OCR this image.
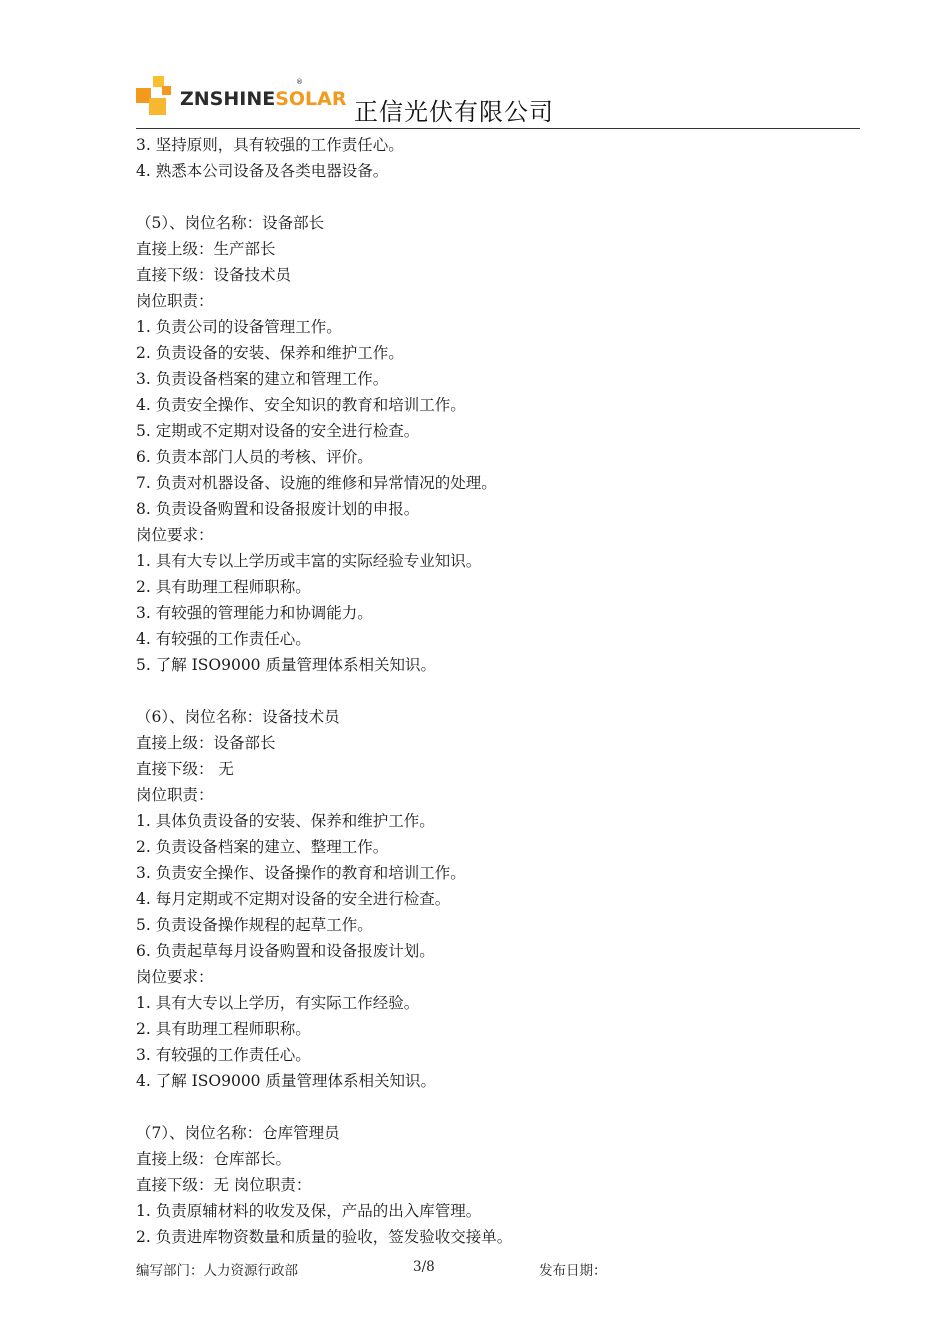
ZNSHINESOLAR
®
正信光伏有限公司
3. 坚持原则，具有较强的工作责任心。
4. 熟悉本公司设备及各类电器设备。
（5）、岗位名称：设备部长
直接上级：生产部长
直接下级：设备技术员
岗位职责：
1. 负责公司的设备管理工作。
2. 负责设备的安装、保养和维护工作。
3. 负责设备档案的建立和管理工作。
4. 负责安全操作、安全知识的教育和培训工作。
5. 定期或不定期对设备的安全进行检查。
6. 负责本部门人员的考核、评价。
7. 负责对机器设备、设施的维修和异常情况的处理。
8. 负责设备购置和设备报废计划的申报。
岗位要求：
1. 具有大专以上学历或丰富的实际经验专业知识。
2. 具有助理工程师职称。
3. 有较强的管理能力和协调能力。
4. 有较强的工作责任心。
5. 了解 ISO9000 质量管理体系相关知识。
（6）、岗位名称：设备技术员
直接上级：设备部长
直接下级： 无
岗位职责：
1. 具体负责设备的安装、保养和维护工作。
2. 负责设备档案的建立、整理工作。
3. 负责安全操作、设备操作的教育和培训工作。
4. 每月定期或不定期对设备的安全进行检查。
5. 负责设备操作规程的起草工作。
6. 负责起草每月设备购置和设备报废计划。
岗位要求：
1. 具有大专以上学历，有实际工作经验。
2. 具有助理工程师职称。
3. 有较强的工作责任心。
4. 了解 ISO9000 质量管理体系相关知识。
（7）、岗位名称：仓库管理员
直接上级：仓库部长。
直接下级：无 岗位职责：
1. 负责原辅材料的收发及保，产品的出入库管理。
2. 负责进库物资数量和质量的验收，签发验收交接单。
编写部门：人力资源行政部	3/8	发布日期：
